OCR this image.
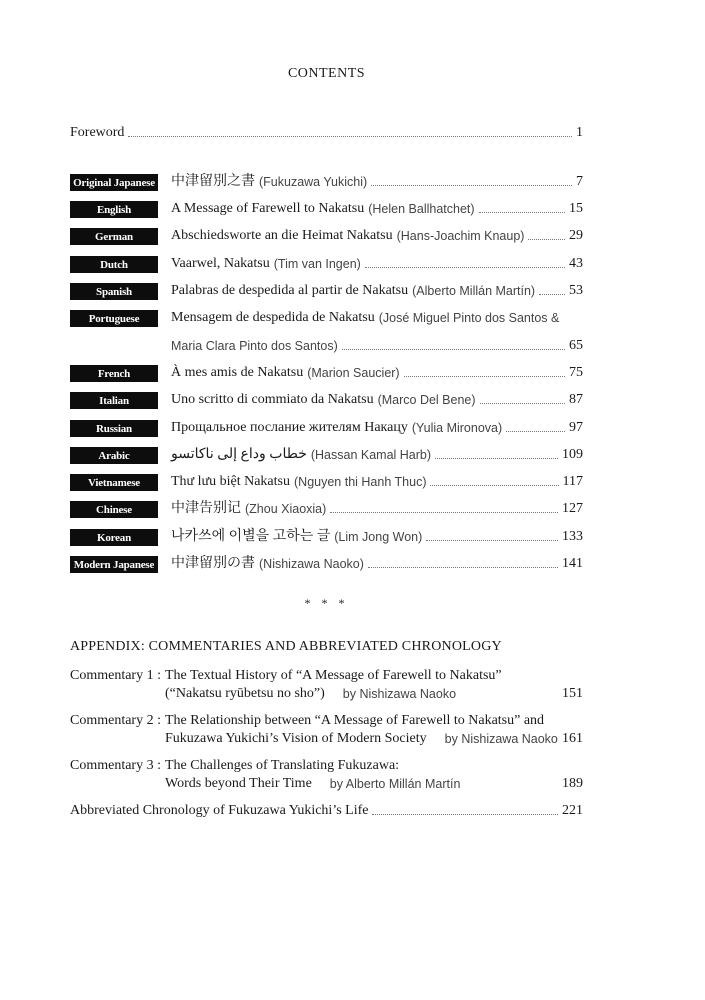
CONTENTS
Foreword	1
Original Japanese 中津留別之書 (Fukuzawa Yukichi)	7
English	A Message of Farewell to Nakatsu (Helen Ballhatchet)	15
German	Abschiedsworte an die Heimat Nakatsu (Hans-Joachim Knaup)	29
Dutch	Vaarwel, Nakatsu (Tim van Ingen)	43
Spanish	Palabras de despedida al partir de Nakatsu (Alberto Millán Martín) 53
Portuguese	Mensagem de despedida de Nakatsu (José Miguel Pinto dos Santos &
Maria Clara Pinto dos Santos)	65
French	À mes amis de Nakatsu (Marion Saucier)	75
Italian	Uno scritto di commiato da Nakatsu (Marco Del Bene)	87
Russian	Прощальное послание жителям Накацу (Yulia Mironova)	97
Arabic	خطاب وداع إلى ناكاتسو (Hassan Kamal Harb)	109
Vietnamese	Thư lưu biệt Nakatsu (Nguyen thi Hanh Thuc)	117
Chinese	中津告别记 (Zhou Xiaoxia)	127
Korean	나카쓰에 이별을 고하는 글 (Lim Jong Won)	133
Modern Japanese 中津留別の書 (Nishizawa Naoko)	141
* * *
APPENDIX: COMMENTARIES AND ABBREVIATED CHRONOLOGY
Commentary 1 : The Textual History of “A Message of Farewell to Nakatsu”
(“Nakatsu ryūbetsu no sho”) by Nishizawa Naoko	151
Commentary 2 : The Relationship between “A Message of Farewell to Nakatsu” and
Fukuzawa Yukichi’s Vision of Modern Society by Nishizawa Naoko 161
Commentary 3 : The Challenges of Translating Fukuzawa:
Words beyond Their Time by Alberto Millán Martín	189
Abbreviated Chronology of Fukuzawa Yukichi’s Life	221
